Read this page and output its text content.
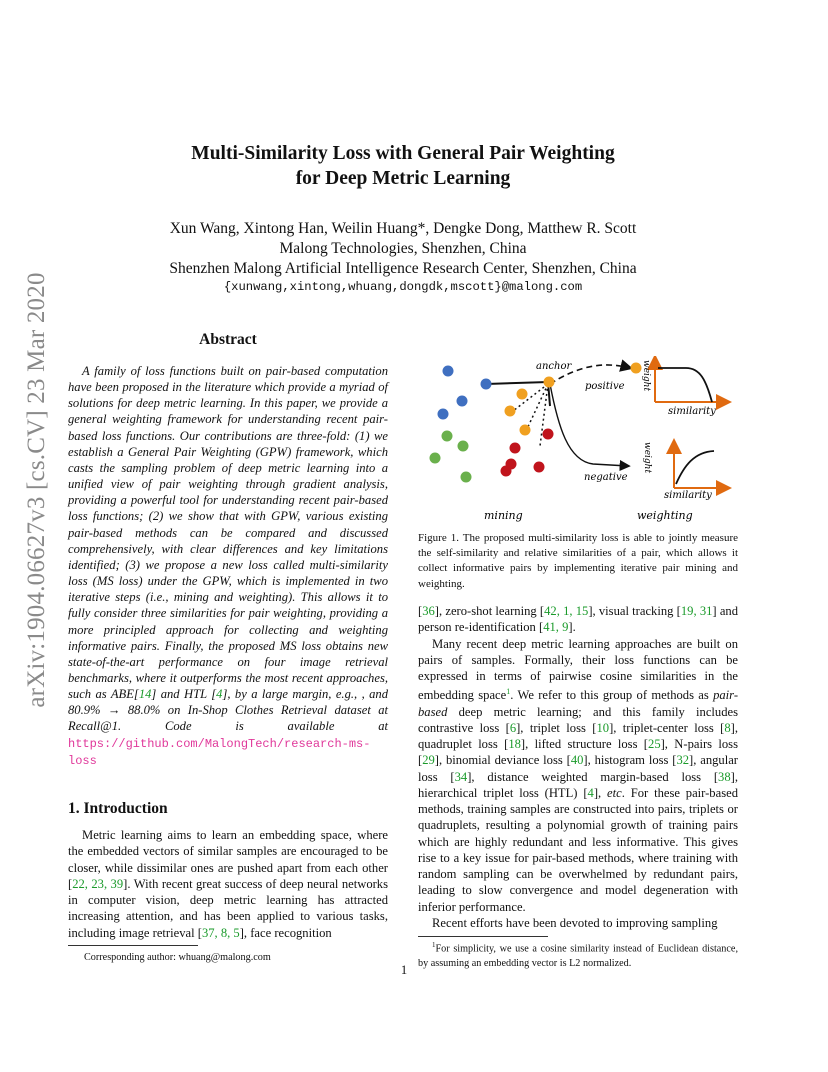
arXiv:1904.06627v3 [cs.CV] 23 Mar 2020
Multi-Similarity Loss with General Pair Weighting
for Deep Metric Learning
Xun Wang, Xintong Han, Weilin Huang*, Dengke Dong, Matthew R. Scott
Malong Technologies, Shenzhen, China
Shenzhen Malong Artificial Intelligence Research Center, Shenzhen, China
{xunwang,xintong,whuang,dongdk,mscott}@malong.com
Abstract
A family of loss functions built on pair-based computation have been proposed in the literature which provide a myriad of solutions for deep metric learning. In this paper, we provide a general weighting framework for understanding recent pair-based loss functions. Our contributions are three-fold: (1) we establish a General Pair Weighting (GPW) framework, which casts the sampling problem of deep metric learning into a unified view of pair weighting through gradient analysis, providing a powerful tool for understanding recent pair-based loss functions; (2) we show that with GPW, various existing pair-based methods can be compared and discussed comprehensively, with clear differences and key limitations identified; (3) we propose a new loss called multi-similarity loss (MS loss) under the GPW, which is implemented in two iterative steps (i.e., mining and weighting). This allows it to fully consider three similarities for pair weighting, providing a more principled approach for collecting and weighting informative pairs. Finally, the proposed MS loss obtains new state-of-the-art performance on four image retrieval benchmarks, where it outperforms the most recent approaches, such as ABE[14] and HTL [4], by a large margin, e.g., , and 80.9% → 88.0% on In-Shop Clothes Retrieval dataset at Recall@1. Code is available at https://github.com/MalongTech/research-ms-loss
1. Introduction
Metric learning aims to learn an embedding space, where the embedded vectors of similar samples are encouraged to be closer, while dissimilar ones are pushed apart from each other [22, 23, 39]. With recent great success of deep neural networks in computer vision, deep metric learning has attracted increasing attention, and has been applied to various tasks, including image retrieval [37, 8, 5], face recognition
Corresponding author: whuang@malong.com
anchor
positive
negative
mining	weighting
weight
similarity
weight
similarity
Figure 1. The proposed multi-similarity loss is able to jointly measure the self-similarity and relative similarities of a pair, which allows it collect informative pairs by implementing iterative pair mining and weighting.

[36], zero-shot learning [42, 1, 15], visual tracking [19, 31] and person re-identification [41, 9].

Many recent deep metric learning approaches are built on pairs of samples. Formally, their loss functions can be expressed in terms of pairwise cosine similarities in the embedding space$^1$. We refer to this group of methods as pair-based deep metric learning; and this family includes contrastive loss [6], triplet loss [10], triplet-center loss [8], quadruplet loss [18], lifted structure loss [25], N-pairs loss [29], binomial deviance loss [40], histogram loss [32], angular loss [34], distance weighted margin-based loss [38], hierarchical triplet loss (HTL) [4], etc. For these pair-based methods, training samples are constructed into pairs, triplets or quadruplets, resulting a polynomial growth of training pairs which are highly redundant and less informative. This gives rise to a key issue for pair-based methods, where training with random sampling can be overwhelmed by redundant pairs, leading to slow convergence and model degeneration with inferior performance.

Recent efforts have been devoted to improving sampling

$^1$For simplicity, we use a cosine similarity instead of Euclidean distance, by assuming an embedding vector is L2 normalized.
1
